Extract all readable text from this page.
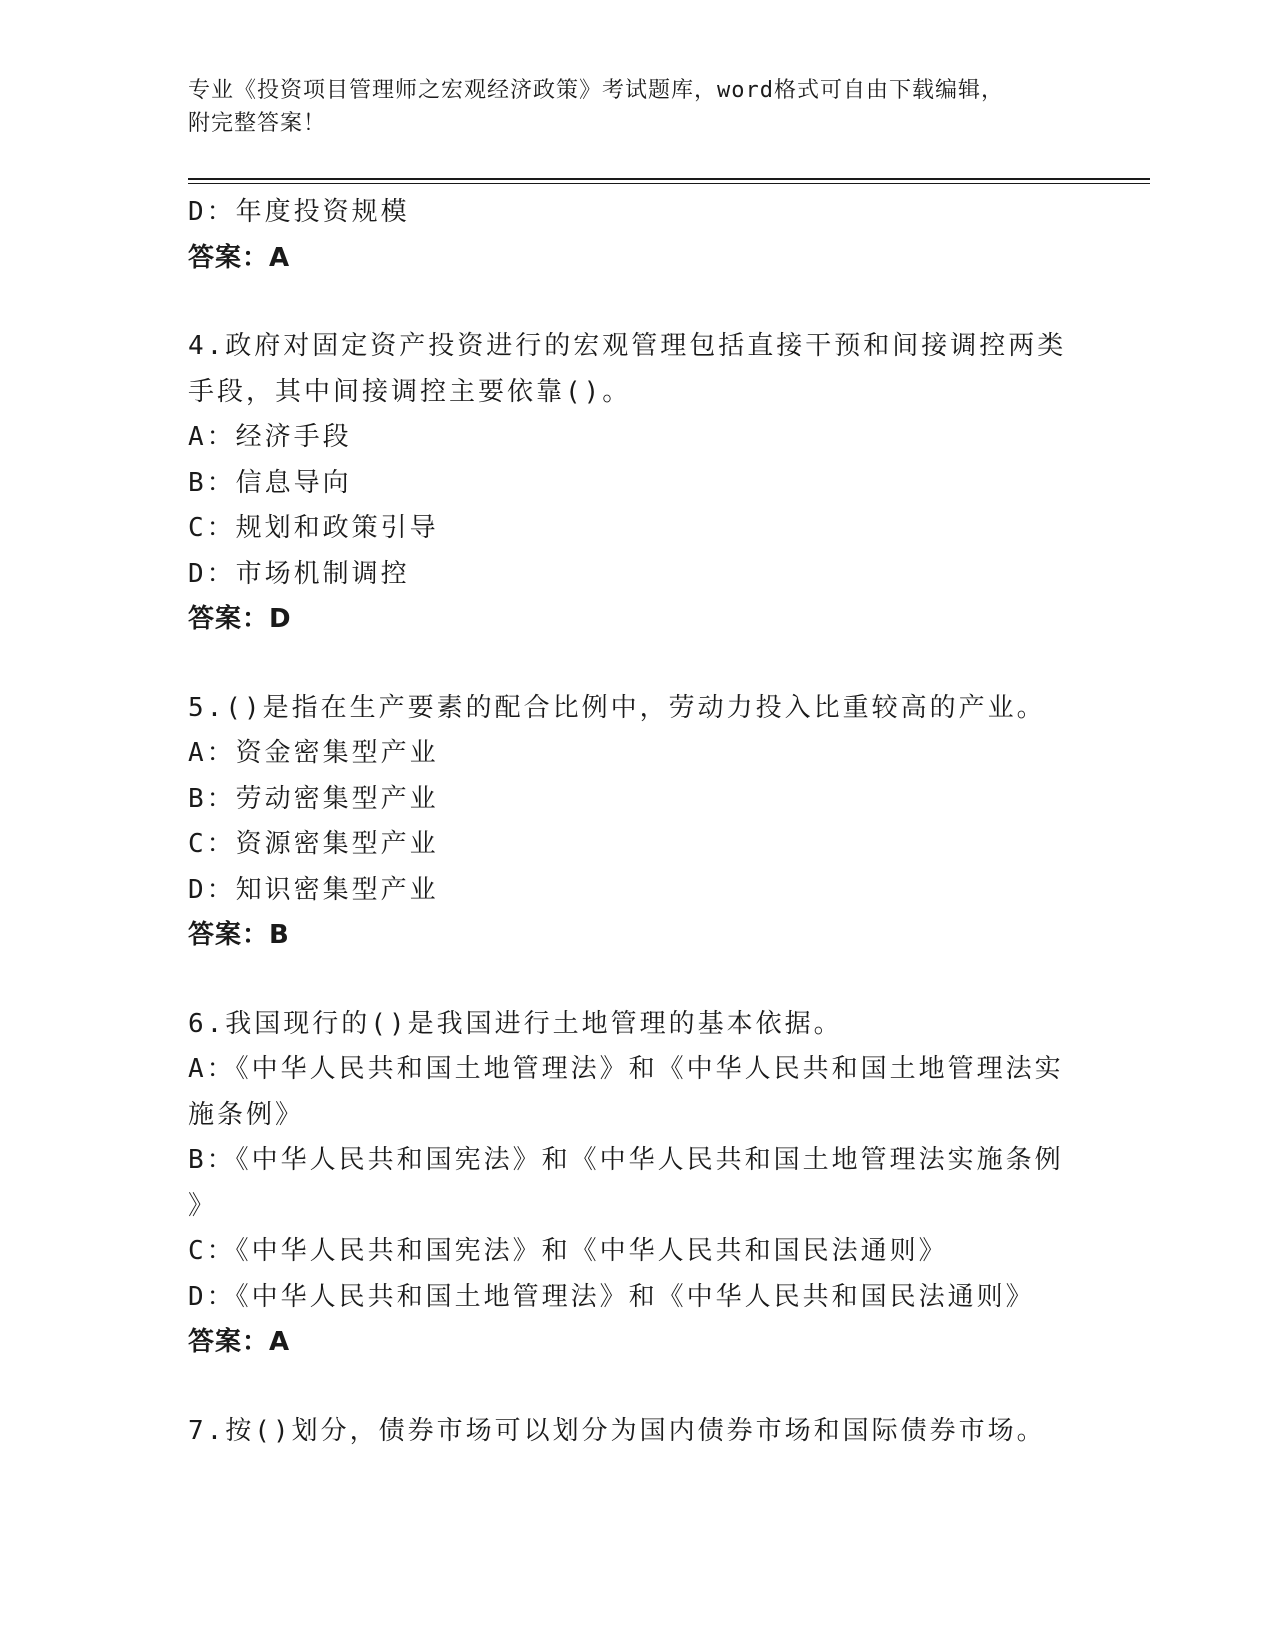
专业《投资项目管理师之宏观经济政策》考试题库，word格式可自由下载编辑，
附完整答案！
D：年度投资规模
答案：A
4.政府对固定资产投资进行的宏观管理包括直接干预和间接调控两类
手段，其中间接调控主要依靠()。
A：经济手段
B：信息导向
C：规划和政策引导
D：市场机制调控
答案：D
5.()是指在生产要素的配合比例中，劳动力投入比重较高的产业。
A：资金密集型产业
B：劳动密集型产业
C：资源密集型产业
D：知识密集型产业
答案：B
6.我国现行的()是我国进行土地管理的基本依据。
A：《中华人民共和国土地管理法》和《中华人民共和国土地管理法实
施条例》
B：《中华人民共和国宪法》和《中华人民共和国土地管理法实施条例
》
C：《中华人民共和国宪法》和《中华人民共和国民法通则》
D：《中华人民共和国土地管理法》和《中华人民共和国民法通则》
答案：A
7.按()划分，债券市场可以划分为国内债券市场和国际债券市场。
